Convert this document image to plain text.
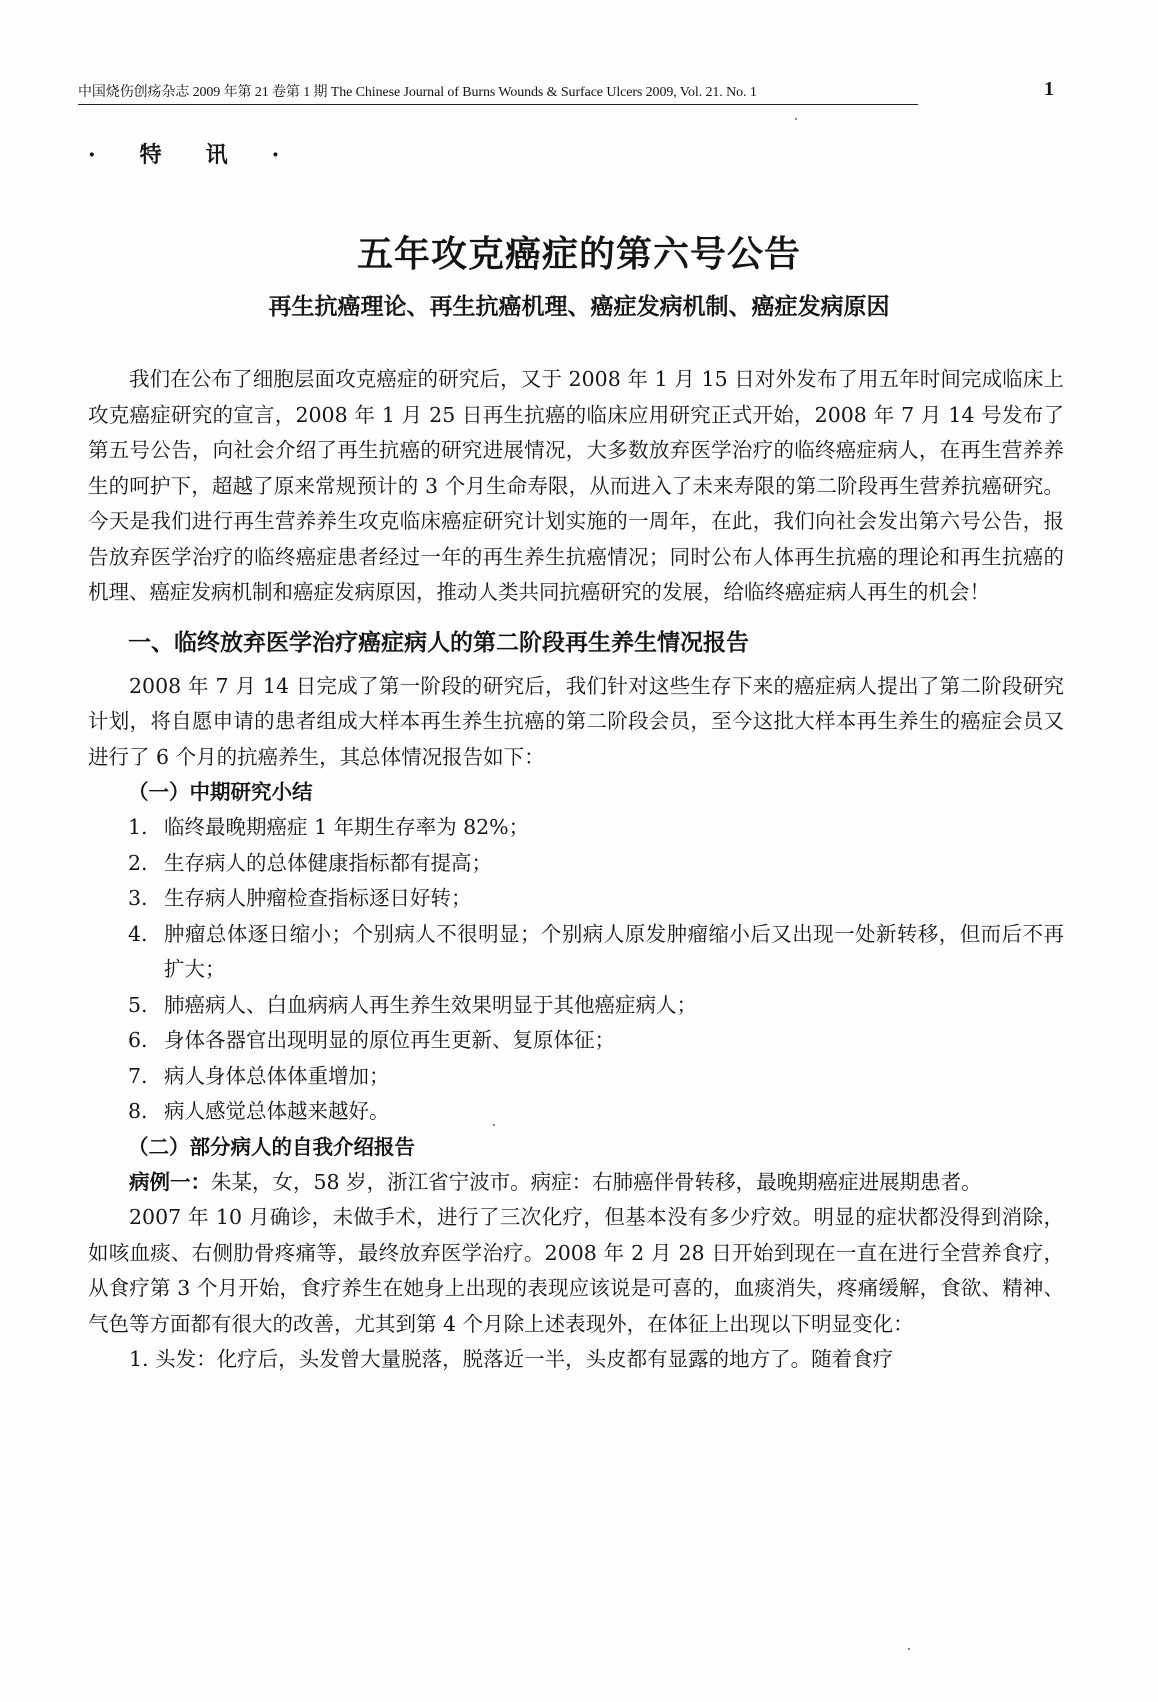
中国烧伤创疡杂志 2009 年第 21 卷第 1 期 The Chinese Journal of Burns Wounds & Surface Ulcers 2009, Vol. 21. No. 1	1
·特讯·
五年攻克癌症的第六号公告
再生抗癌理论、再生抗癌机理、癌症发病机制、癌症发病原因

我们在公布了细胞层面攻克癌症的研究后，又于 2008 年 1 月 15 日对外发布了用五年时间完成临床上攻克癌症研究的宣言，2008 年 1 月 25 日再生抗癌的临床应用研究正式开始，2008 年 7 月 14 号发布了第五号公告，向社会介绍了再生抗癌的研究进展情况，大多数放弃医学治疗的临终癌症病人，在再生营养养生的呵护下，超越了原来常规预计的 3 个月生命寿限，从而进入了未来寿限的第二阶段再生营养抗癌研究。今天是我们进行再生营养养生攻克临床癌症研究计划实施的一周年，在此，我们向社会发出第六号公告，报告放弃医学治疗的临终癌症患者经过一年的再生养生抗癌情况；同时公布人体再生抗癌的理论和再生抗癌的机理、癌症发病机制和癌症发病原因，推动人类共同抗癌研究的发展，给临终癌症病人再生的机会！

一、临终放弃医学治疗癌症病人的第二阶段再生养生情况报告

2008 年 7 月 14 日完成了第一阶段的研究后，我们针对这些生存下来的癌症病人提出了第二阶段研究计划，将自愿申请的患者组成大样本再生养生抗癌的第二阶段会员，至今这批大样本再生养生的癌症会员又进行了 6 个月的抗癌养生，其总体情况报告如下：

（一）中期研究小结
1. 临终最晚期癌症 1 年期生存率为 82%；
2. 生存病人的总体健康指标都有提高；
3. 生存病人肿瘤检查指标逐日好转；
4. 肿瘤总体逐日缩小；个别病人不很明显；个别病人原发肿瘤缩小后又出现一处新转移，但而后不再扩大；
5. 肺癌病人、白血病病人再生养生效果明显于其他癌症病人；
6. 身体各器官出现明显的原位再生更新、复原体征；
7. 病人身体总体体重增加；
8. 病人感觉总体越来越好。
（二）部分病人的自我介绍报告
病例一：朱某，女，58 岁，浙江省宁波市。病症：右肺癌伴骨转移，最晚期癌症进展期患者。

2007 年 10 月确诊，未做手术，进行了三次化疗，但基本没有多少疗效。明显的症状都没得到消除，如咳血痰、右侧肋骨疼痛等，最终放弃医学治疗。2008 年 2 月 28 日开始到现在一直在进行全营养食疗，从食疗第 3 个月开始，食疗养生在她身上出现的表现应该说是可喜的，血痰消失，疼痛缓解，食欲、精神、气色等方面都有很大的改善，尤其到第 4 个月除上述表现外，在体征上出现以下明显变化：

1. 头发：化疗后，头发曾大量脱落，脱落近一半，头皮都有显露的地方了。随着食疗
